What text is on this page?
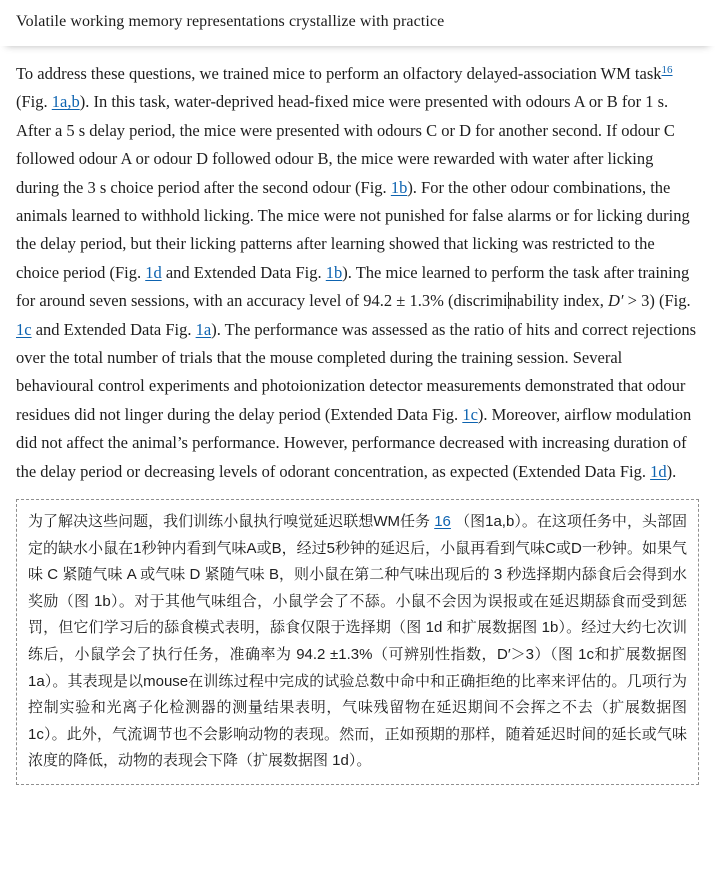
Volatile working memory representations crystallize with practice

To address these questions, we trained mice to perform an olfactory delayed-association WM task$^{16}$ (Fig. 1a,b). In this task, water-deprived head-fixed mice were presented with odours A or B for 1 s. After a 5 s delay period, the mice were presented with odours C or D for another second. If odour C followed odour A or odour D followed odour B, the mice were rewarded with water after licking during the 3 s choice period after the second odour (Fig. 1b). For the other odour combinations, the animals learned to withhold licking. The mice were not punished for false alarms or for licking during the delay period, but their licking patterns after learning showed that licking was restricted to the choice period (Fig. 1d and Extended Data Fig. 1b). The mice learned to perform the task after training for around seven sessions, with an accuracy level of 94.2 ± 1.3% (discriminability index, D′ > 3) (Fig. 1c and Extended Data Fig. 1a). The performance was assessed as the ratio of hits and correct rejections over the total number of trials that the mouse completed during the training session. Several behavioural control experiments and photoionization detector measurements demonstrated that odour residues did not linger during the delay period (Extended Data Fig. 1c). Moreover, airflow modulation did not affect the animal’s performance. However, performance decreased with increasing duration of the delay period or decreasing levels of odorant concentration, as expected (Extended Data Fig. 1d).

为了解决这些问题，我们训练小鼠执行嗅觉延迟联想WM任务 16 （图1a,b）。在这项任务中，头部固定的缺水小鼠在1秒钟内看到气味A或B，经过5秒钟的延迟后，小鼠再看到气味C或D一秒钟。如果气味 C 紧随气味 A 或气味 D 紧随气味 B，则小鼠在第二种气味出现后的 3 秒选择期内舔食后会得到水奖励（图 1b）。对于其他气味组合，小鼠学会了不舔。小鼠不会因为误报或在延迟期舔食而受到惩罚，但它们学习后的舔食模式表明，舔食仅限于选择期（图 1d 和扩展数据图 1b）。经过大约七次训练后，小鼠学会了执行任务，准确率为 94.2 ±1.3%（可辨别性指数，D′＞3）（图 1c和扩展数据图 1a）。其表现是以mouse在训练过程中完成的试验总数中命中和正确拒绝的比率来评估的。几项行为控制实验和光离子化检测器的测量结果表明，气味残留物在延迟期间不会挥之不去（扩展数据图 1c）。此外，气流调节也不会影响动物的表现。然而，正如预期的那样，随着延迟时间的延长或气味浓度的降低，动物的表现会下降（扩展数据图 1d）。
